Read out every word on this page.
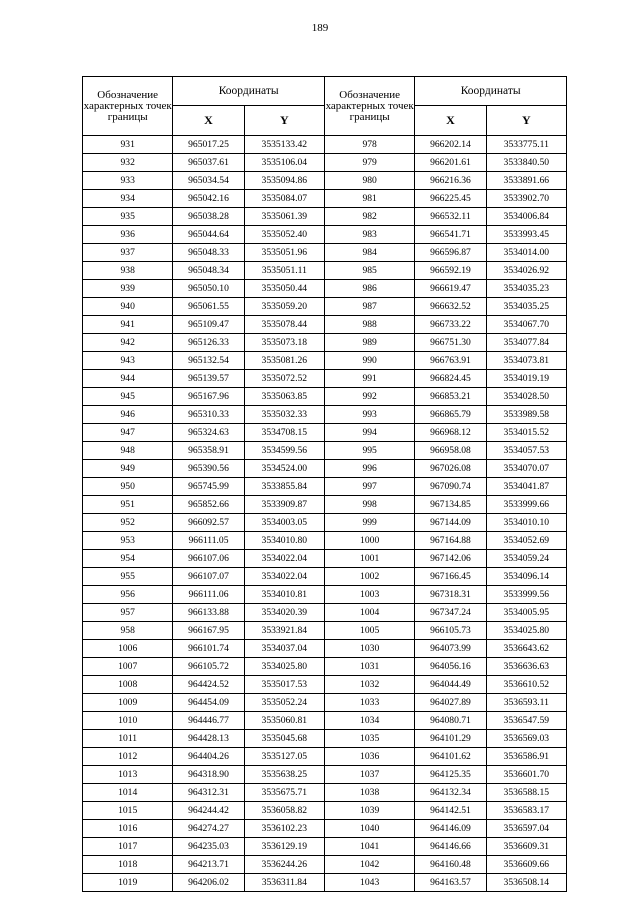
189
Обозначение характерных точек границы	Координаты		Обозначение характерных точек границы	Координаты	
	X	Y		X	Y
931	965017.25	3535133.42	978	966202.14	3533775.11
932	965037.61	3535106.04	979	966201.61	3533840.50
933	965034.54	3535094.86	980	966216.36	3533891.66
934	965042.16	3535084.07	981	966225.45	3533902.70
935	965038.28	3535061.39	982	966532.11	3534006.84
936	965044.64	3535052.40	983	966541.71	3533993.45
937	965048.33	3535051.96	984	966596.87	3534014.00
938	965048.34	3535051.11	985	966592.19	3534026.92
939	965050.10	3535050.44	986	966619.47	3534035.23
940	965061.55	3535059.20	987	966632.52	3534035.25
941	965109.47	3535078.44	988	966733.22	3534067.70
942	965126.33	3535073.18	989	966751.30	3534077.84
943	965132.54	3535081.26	990	966763.91	3534073.81
944	965139.57	3535072.52	991	966824.45	3534019.19
945	965167.96	3535063.85	992	966853.21	3534028.50
946	965310.33	3535032.33	993	966865.79	3533989.58
947	965324.63	3534708.15	994	966968.12	3534015.52
948	965358.91	3534599.56	995	966958.08	3534057.53
949	965390.56	3534524.00	996	967026.08	3534070.07
950	965745.99	3533855.84	997	967090.74	3534041.87
951	965852.66	3533909.87	998	967134.85	3533999.66
952	966092.57	3534003.05	999	967144.09	3534010.10
953	966111.05	3534010.80	1000	967164.88	3534052.69
954	966107.06	3534022.04	1001	967142.06	3534059.24
955	966107.07	3534022.04	1002	967166.45	3534096.14
956	966111.06	3534010.81	1003	967318.31	3533999.56
957	966133.88	3534020.39	1004	967347.24	3534005.95
958	966167.95	3533921.84	1005	966105.73	3534025.80
1006	966101.74	3534037.04	1030	964073.99	3536643.62
1007	966105.72	3534025.80	1031	964056.16	3536636.63
1008	964424.52	3535017.53	1032	964044.49	3536610.52
1009	964454.09	3535052.24	1033	964027.89	3536593.11
1010	964446.77	3535060.81	1034	964080.71	3536547.59
1011	964428.13	3535045.68	1035	964101.29	3536569.03
1012	964404.26	3535127.05	1036	964101.62	3536586.91
1013	964318.90	3535638.25	1037	964125.35	3536601.70
1014	964312.31	3535675.71	1038	964132.34	3536588.15
1015	964244.42	3536058.82	1039	964142.51	3536583.17
1016	964274.27	3536102.23	1040	964146.09	3536597.04
1017	964235.03	3536129.19	1041	964146.66	3536609.31
1018	964213.71	3536244.26	1042	964160.48	3536609.66
1019	964206.02	3536311.84	1043	964163.57	3536508.14
